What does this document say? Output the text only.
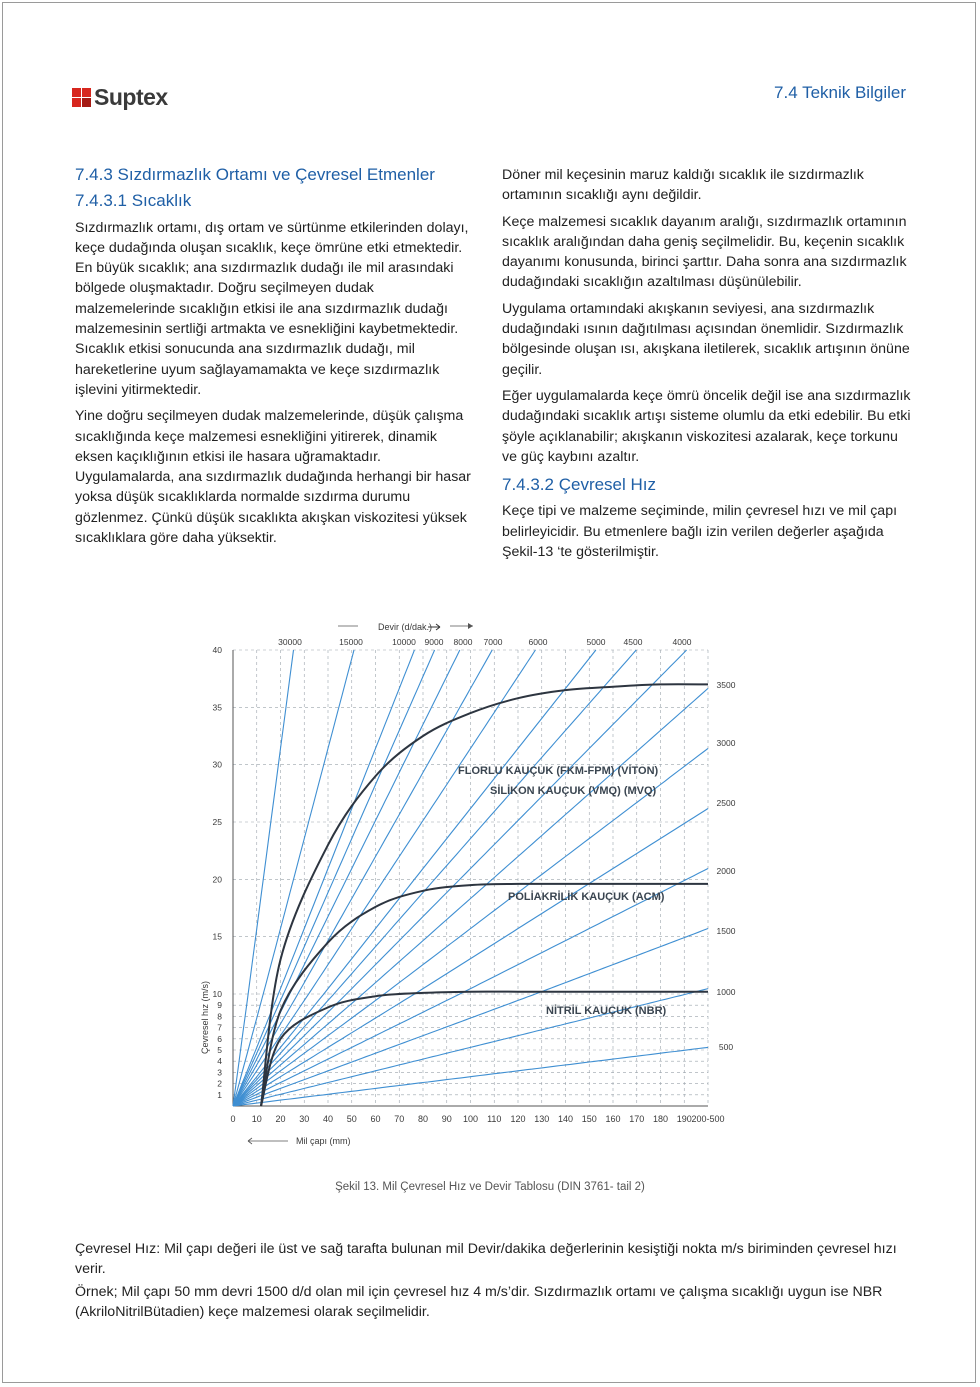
Suptex	7.4 Teknik Bilgiler

7.4.3 Sızdırmazlık Ortamı ve Çevresel Etmenler

7.4.3.1 Sıcaklık

Sızdırmazlık ortamı, dış ortam ve sürtünme etkilerinden dolayı, keçe dudağında oluşan sıcaklık, keçe ömrüne etki etmektedir. En büyük sıcaklık; ana sızdırmazlık dudağı ile mil arasındaki bölgede oluşmaktadır. Doğru seçilmeyen dudak malzemelerinde sıcaklığın etkisi ile ana sızdırmazlık dudağı malzemesinin sertliği artmakta ve esnekliğini kaybetmektedir. Sıcaklık etkisi sonucunda ana sızdırmazlık dudağı, mil hareketlerine uyum sağlayamamakta ve keçe sızdırmazlık işlevini yitirmektedir.

Yine doğru seçilmeyen dudak malzemelerinde, düşük çalışma sıcaklığında keçe malzemesi esnekliğini yitirerek, dinamik eksen kaçıklığının etkisi ile hasara uğramaktadır. Uygulamalarda, ana sızdırmazlık dudağında herhangi bir hasar yoksa düşük sıcaklıklarda normalde sızdırma durumu gözlenmez. Çünkü düşük sıcaklıkta akışkan viskozitesi yüksek sıcaklıklara göre daha yüksektir.

Döner mil keçesinin maruz kaldığı sıcaklık ile sızdırmazlık ortamının sıcaklığı aynı değildir.

Keçe malzemesi sıcaklık dayanım aralığı, sızdırmazlık ortamının sıcaklık aralığından daha geniş seçilmelidir. Bu, keçenin sıcaklık dayanımı konusunda, birinci şarttır. Daha sonra ana sızdırmazlık dudağındaki sıcaklığın azaltılması düşünülebilir.

Uygulama ortamındaki akışkanın seviyesi, ana sızdırmazlık dudağındaki ısının dağıtılması açısından önemlidir. Sızdırmazlık bölgesinde oluşan ısı, akışkana iletilerek, sıcaklık artışının önüne geçilir.

Eğer uygulamalarda keçe ömrü öncelik değil ise ana sızdırmazlık dudağındaki sıcaklık artışı sisteme olumlu da etki edebilir. Bu etki şöyle açıklanabilir; akışkanın viskozitesi azalarak, keçe torkunu ve güç kaybını azaltır.

7.4.3.2 Çevresel Hız

Keçe tipi ve malzeme seçiminde, milin çevresel hızı ve mil çapı belirleyicidir. Bu etmenlere bağlı izin verilen değerler aşağıda Şekil-13 ‘te gösterilmiştir.

0 10 20 30 40 50 60 70 80 90 100 110 120 130 140 150 160 170 180 190 200-500
1
2
3
4
5
6
7
8
9
10
15
20
25
30
35
40
30000	15000	10000 9000 8000 7000	6000	5000 4500	4000
Devir (d/dak.)
3500
3000
2500
2000
1500
1000
500
Mil çapı (mm)
Çevresel hız (m/s)
FLORLU KAUÇUK (FKM-FPM) (VİTON)
SİLİKON KAUÇUK (VMQ) (MVQ)
POLİAKRİLİK KAUÇUK (ACM)
NİTRİL KAUÇUK (NBR)
Şekil 13. Mil Çevresel Hız ve Devir Tablosu (DIN 3761- tail 2)

Çevresel Hız: Mil çapı değeri ile üst ve sağ tarafta bulunan mil Devir/dakika değerlerinin kesiştiği nokta m/s biriminden çevresel hızı verir.

Örnek; Mil çapı 50 mm devri 1500 d/d olan mil için çevresel hız 4 m/s’dir. Sızdırmazlık ortamı ve çalışma sıcaklığı uygun ise NBR (AkriloNitrilBütadien) keçe malzemesi olarak seçilmelidir.
